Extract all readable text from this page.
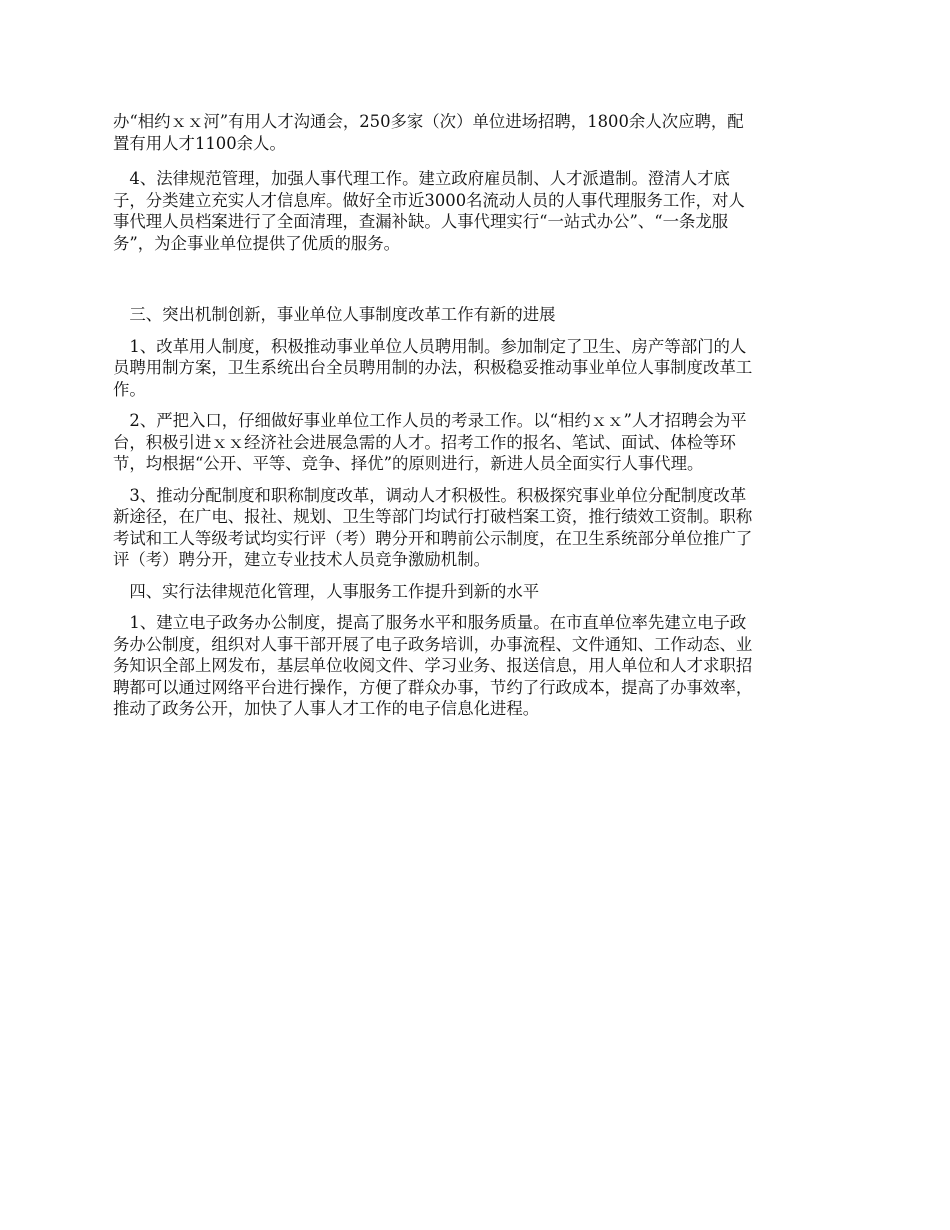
办“相约ｘｘ河”有用人才沟通会，250多家（次）单位进场招聘，1800余人次应聘，配
置有用人才1100余人。

　4、法律规范管理，加强人事代理工作。建立政府雇员制、人才派遣制。澄清人才底
子，分类建立充实人才信息库。做好全市近3000名流动人员的人事代理服务工作，对人
事代理人员档案进行了全面清理，查漏补缺。人事代理实行“一站式办公”、“一条龙服
务”，为企事业单位提供了优质的服务。

　三、突出机制创新，事业单位人事制度改革工作有新的进展

　1、改革用人制度，积极推动事业单位人员聘用制。参加制定了卫生、房产等部门的人
员聘用制方案，卫生系统出台全员聘用制的办法，积极稳妥推动事业单位人事制度改革工
作。

　2、严把入口，仔细做好事业单位工作人员的考录工作。以“相约ｘｘ”人才招聘会为平
台，积极引进ｘｘ经济社会进展急需的人才。招考工作的报名、笔试、面试、体检等环
节，均根据“公开、平等、竞争、择优”的原则进行，新进人员全面实行人事代理。

　3、推动分配制度和职称制度改革，调动人才积极性。积极探究事业单位分配制度改革
新途径，在广电、报社、规划、卫生等部门均试行打破档案工资，推行绩效工资制。职称
考试和工人等级考试均实行评（考）聘分开和聘前公示制度，在卫生系统部分单位推广了
评（考）聘分开，建立专业技术人员竞争激励机制。

　四、实行法律规范化管理，人事服务工作提升到新的水平

　1、建立电子政务办公制度，提高了服务水平和服务质量。在市直单位率先建立电子政
务办公制度，组织对人事干部开展了电子政务培训，办事流程、文件通知、工作动态、业
务知识全部上网发布，基层单位收阅文件、学习业务、报送信息，用人单位和人才求职招
聘都可以通过网络平台进行操作，方便了群众办事，节约了行政成本，提高了办事效率，
推动了政务公开，加快了人事人才工作的电子信息化进程。
